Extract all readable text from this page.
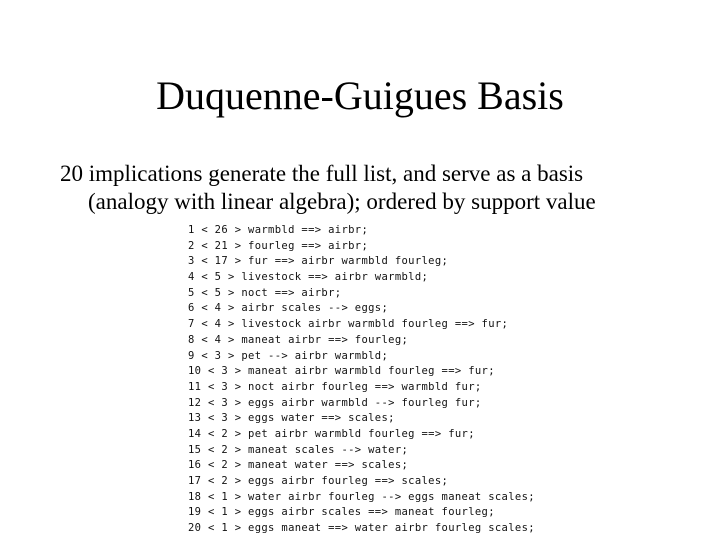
Duquenne-Guigues Basis
20 implications generate the full list, and serve as a basis
(analogy with linear algebra); ordered by support value
1 < 26 > warmbld ==> airbr;
2 < 21 > fourleg ==> airbr;
3 < 17 > fur ==> airbr warmbld fourleg;
4 < 5 > livestock ==> airbr warmbld;
5 < 5 > noct ==> airbr;
6 < 4 > airbr scales --> eggs;
7 < 4 > livestock airbr warmbld fourleg ==> fur;
8 < 4 > maneat airbr ==> fourleg;
9 < 3 > pet --> airbr warmbld;
10 < 3 > maneat airbr warmbld fourleg ==> fur;
11 < 3 > noct airbr fourleg ==> warmbld fur;
12 < 3 > eggs airbr warmbld --> fourleg fur;
13 < 3 > eggs water ==> scales;
14 < 2 > pet airbr warmbld fourleg ==> fur;
15 < 2 > maneat scales --> water;
16 < 2 > maneat water ==> scales;
17 < 2 > eggs airbr fourleg ==> scales;
18 < 1 > water airbr fourleg --> eggs maneat scales;
19 < 1 > eggs airbr scales ==> maneat fourleg;
20 < 1 > eggs maneat ==> water airbr fourleg scales;
